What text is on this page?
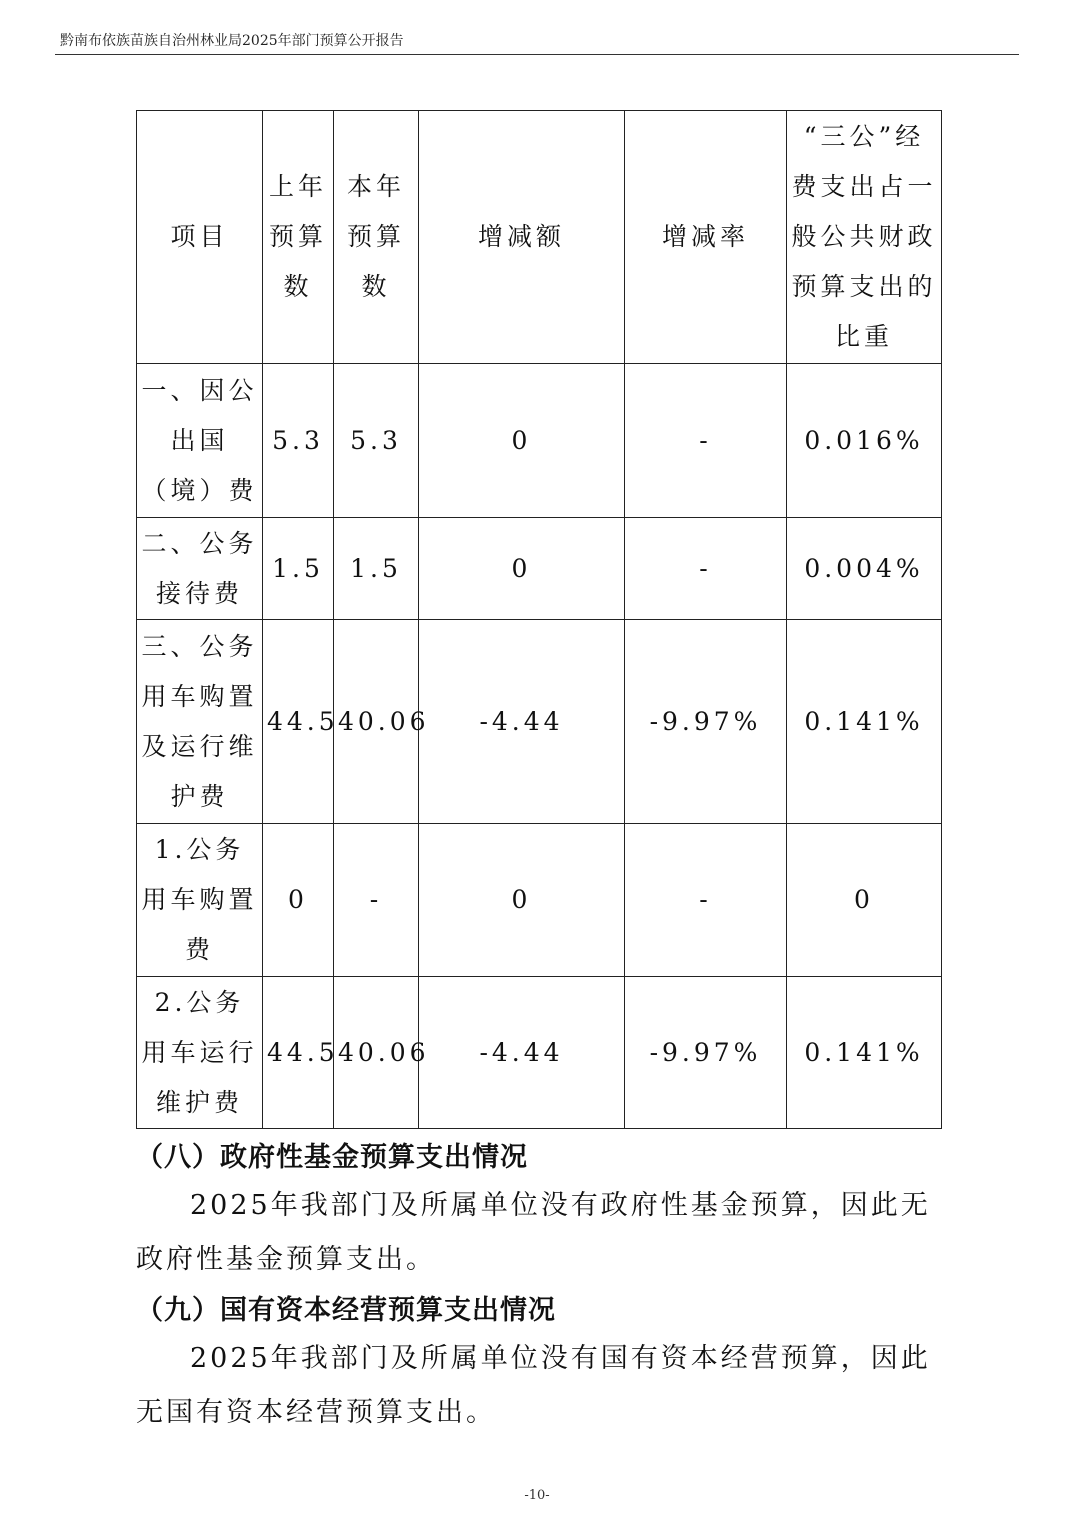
黔南布依族苗族自治州林业局2025年部门预算公开报告
项目	上年预算数	本年预算数	增减额	增减率	“三公”经费支出占一般公共财政预算支出的比重
一、因公出国（境）费	5.3	5.3	0	-	0.016%
二、公务接待费	1.5	1.5	0	-	0.004%
三、公务用车购置及运行维护费	44.5	40.06	-4.44	-9.97%	0.141%
1.公务用车购置费	0	-	0	-	0
2.公务用车运行维护费	44.5	40.06	-4.44	-9.97%	0.141%
（八）政府性基金预算支出情况
2025年我部门及所属单位没有政府性基金预算，因此无政府性基金预算支出。
（九）国有资本经营预算支出情况
2025年我部门及所属单位没有国有资本经营预算，因此无国有资本经营预算支出。
-10-
